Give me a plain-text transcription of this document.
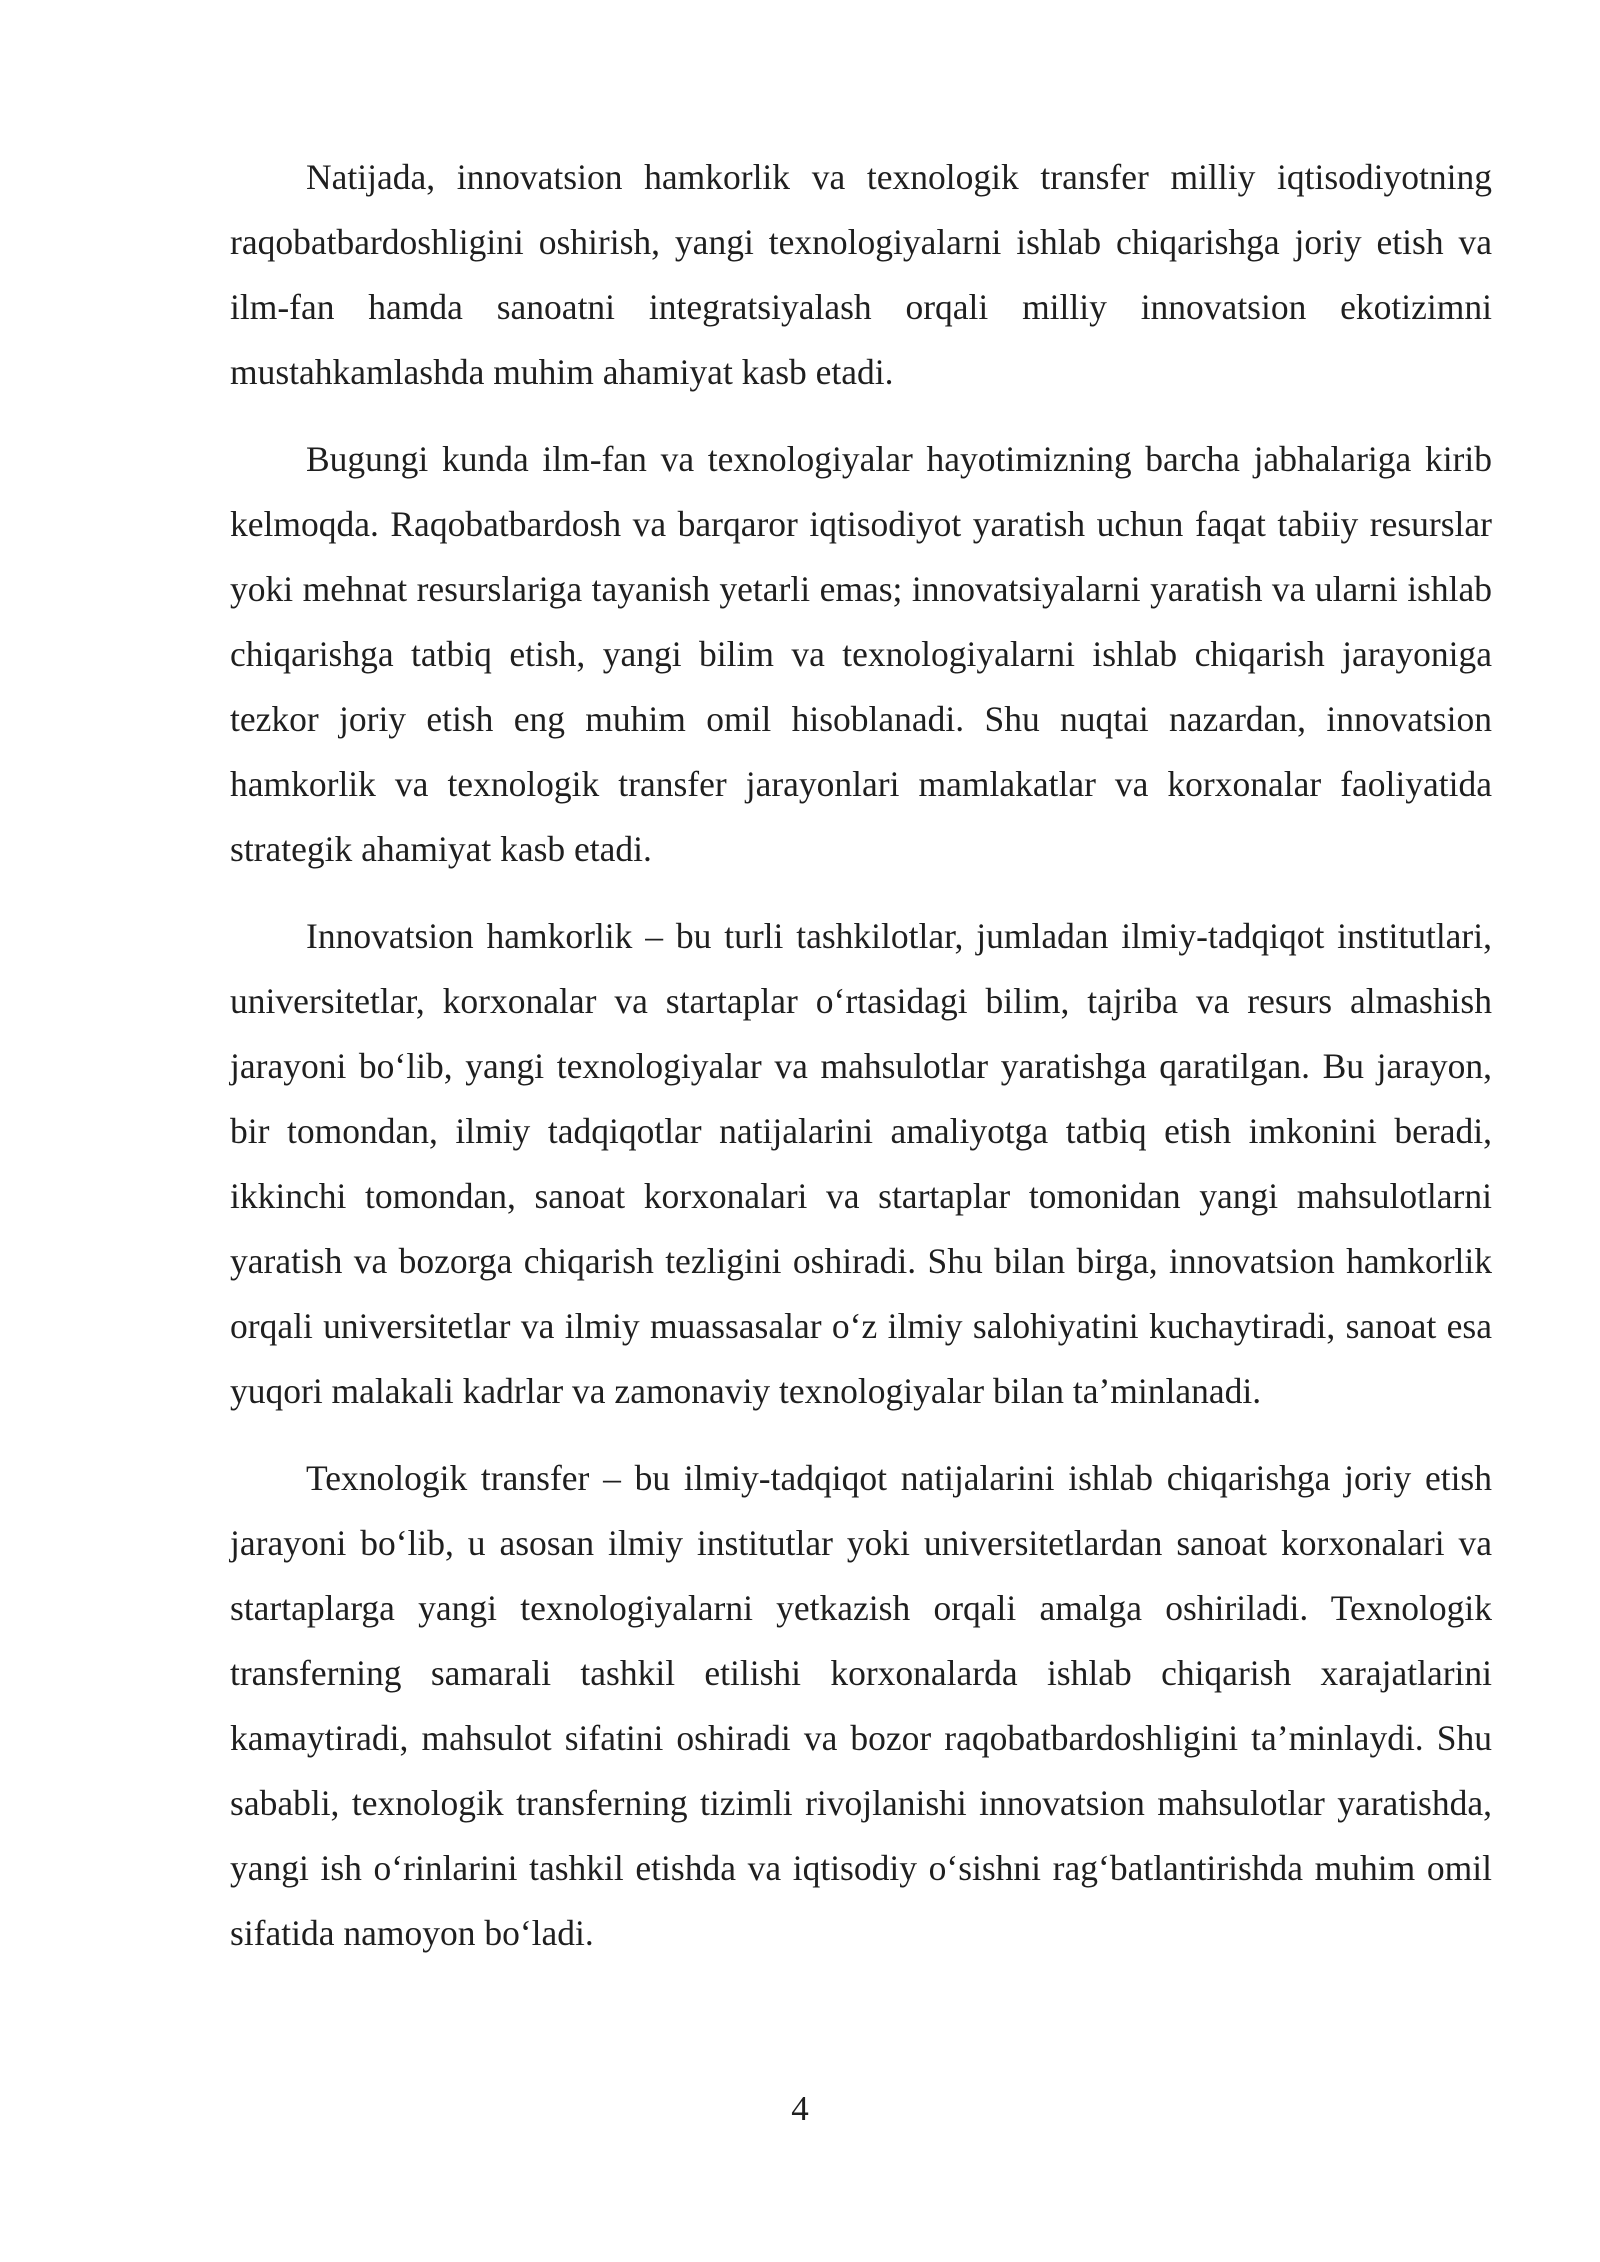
Natijada, innovatsion hamkorlik va texnologik transfer milliy iqtisodiyotning raqobatbardoshligini oshirish, yangi texnologiyalarni ishlab chiqarishga joriy etish va ilm-fan hamda sanoatni integratsiyalash orqali milliy innovatsion ekotizimni mustahkamlashda muhim ahamiyat kasb etadi.

Bugungi kunda ilm-fan va texnologiyalar hayotimizning barcha jabhalariga kirib kelmoqda. Raqobatbardosh va barqaror iqtisodiyot yaratish uchun faqat tabiiy resurslar yoki mehnat resurslariga tayanish yetarli emas; innovatsiyalarni yaratish va ularni ishlab chiqarishga tatbiq etish, yangi bilim va texnologiyalarni ishlab chiqarish jarayoniga tezkor joriy etish eng muhim omil hisoblanadi. Shu nuqtai nazardan, innovatsion hamkorlik va texnologik transfer jarayonlari mamlakatlar va korxonalar faoliyatida strategik ahamiyat kasb etadi.

Innovatsion hamkorlik – bu turli tashkilotlar, jumladan ilmiy-tadqiqot institutlari, universitetlar, korxonalar va startaplar o‘rtasidagi bilim, tajriba va resurs almashish jarayoni bo‘lib, yangi texnologiyalar va mahsulotlar yaratishga qaratilgan. Bu jarayon, bir tomondan, ilmiy tadqiqotlar natijalarini amaliyotga tatbiq etish imkonini beradi, ikkinchi tomondan, sanoat korxonalari va startaplar tomonidan yangi mahsulotlarni yaratish va bozorga chiqarish tezligini oshiradi. Shu bilan birga, innovatsion hamkorlik orqali universitetlar va ilmiy muassasalar o‘z ilmiy salohiyatini kuchaytiradi, sanoat esa yuqori malakali kadrlar va zamonaviy texnologiyalar bilan ta’minlanadi.

Texnologik transfer – bu ilmiy-tadqiqot natijalarini ishlab chiqarishga joriy etish jarayoni bo‘lib, u asosan ilmiy institutlar yoki universitetlardan sanoat korxonalari va startaplarga yangi texnologiyalarni yetkazish orqali amalga oshiriladi. Texnologik transferning samarali tashkil etilishi korxonalarda ishlab chiqarish xarajatlarini kamaytiradi, mahsulot sifatini oshiradi va bozor raqobatbardoshligini ta’minlaydi. Shu sababli, texnologik transferning tizimli rivojlanishi innovatsion mahsulotlar yaratishda, yangi ish o‘rinlarini tashkil etishda va iqtisodiy o‘sishni rag‘batlantirishda muhim omil sifatida namoyon bo‘ladi.

4
